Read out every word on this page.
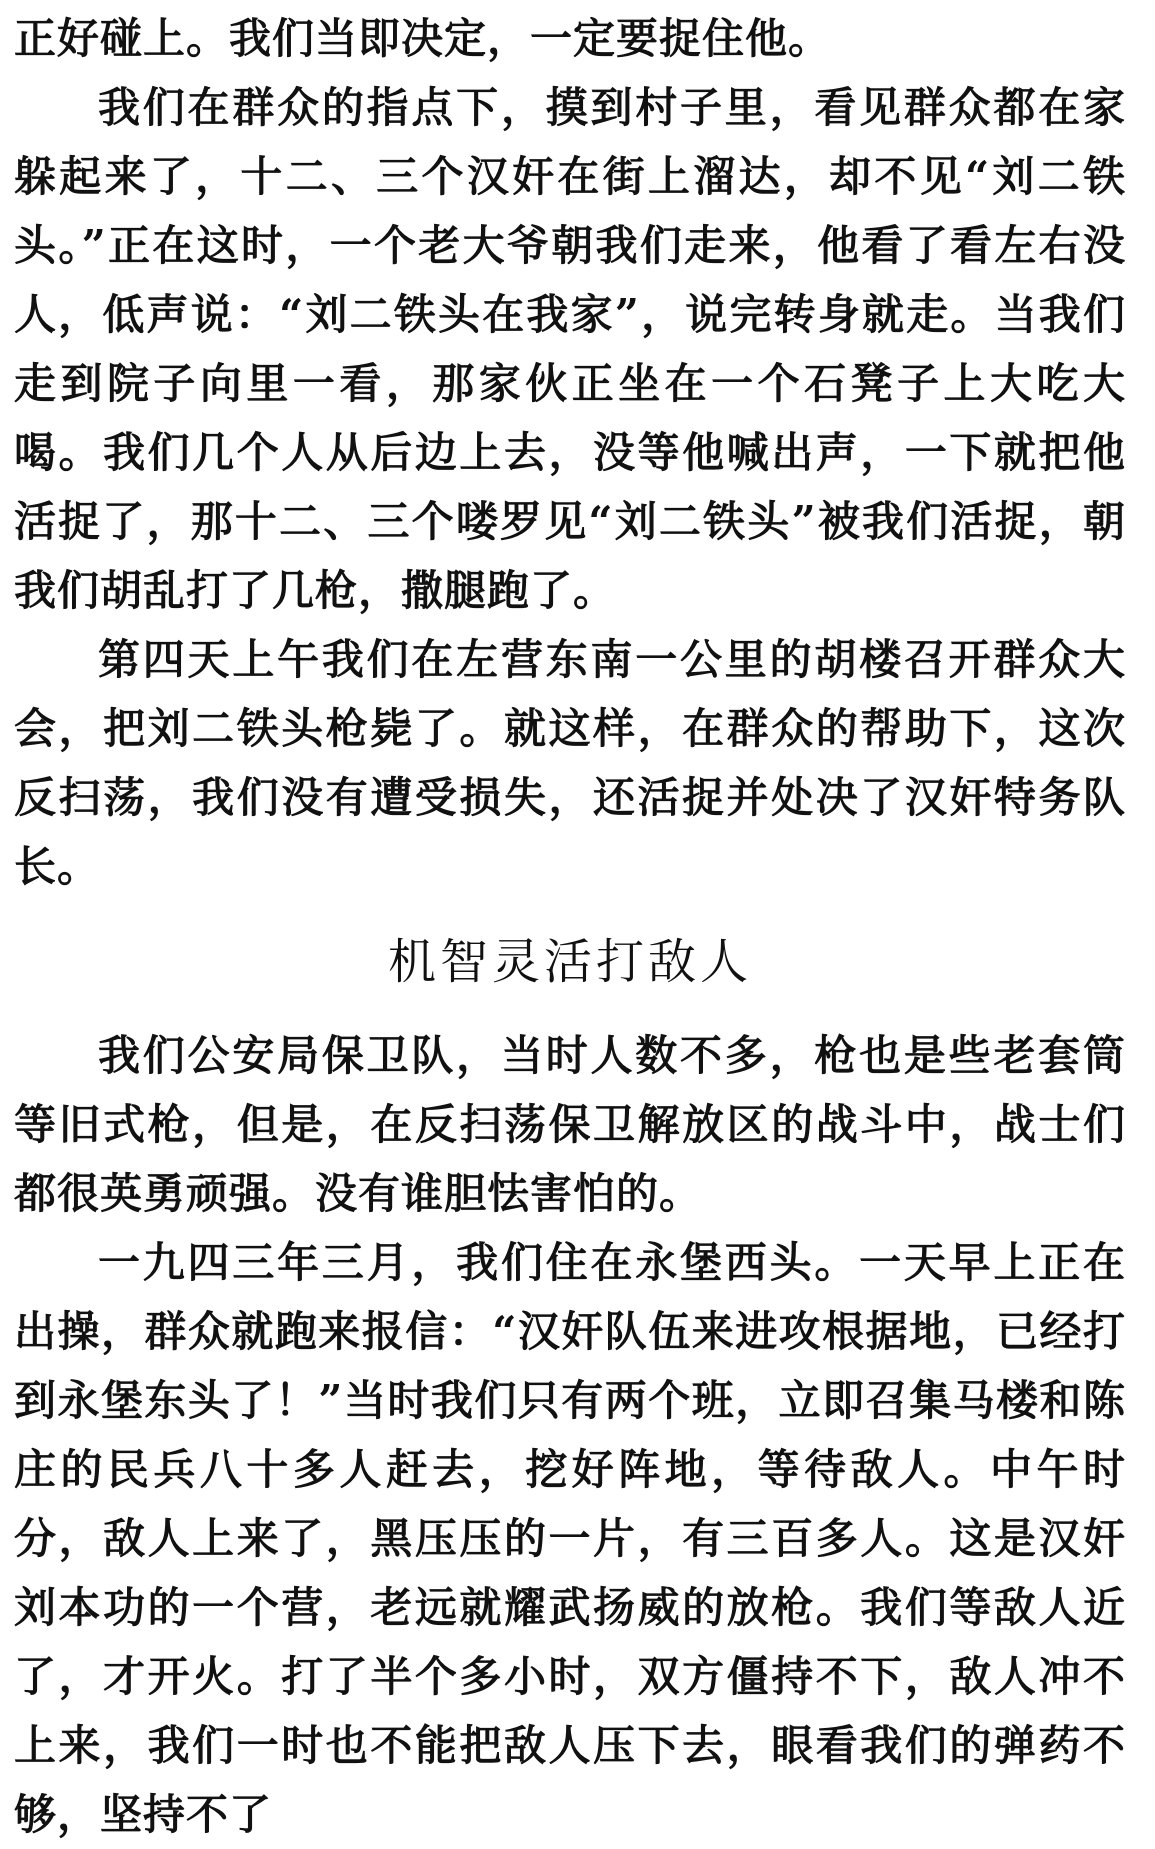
正好碰上。我们当即决定，一定要捉住他。

我们在群众的指点下，摸到村子里，看见群众都在家躲起来了，十二、三个汉奸在街上溜达，却不见“刘二铁头。”正在这时，一个老大爷朝我们走来，他看了看左右没人，低声说：“刘二铁头在我家”，说完转身就走。当我们走到院子向里一看，那家伙正坐在一个石凳子上大吃大喝。我们几个人从后边上去，没等他喊出声，一下就把他活捉了，那十二、三个喽罗见“刘二铁头”被我们活捉，朝我们胡乱打了几枪，撒腿跑了。

第四天上午我们在左营东南一公里的胡楼召开群众大会，把刘二铁头枪毙了。就这样，在群众的帮助下，这次反扫荡，我们没有遭受损失，还活捉并处决了汉奸特务队长。

机智灵活打敌人

我们公安局保卫队，当时人数不多，枪也是些老套筒等旧式枪，但是，在反扫荡保卫解放区的战斗中，战士们都很英勇顽强。没有谁胆怯害怕的。

一九四三年三月，我们住在永堡西头。一天早上正在出操，群众就跑来报信：“汉奸队伍来进攻根据地，已经打到永堡东头了！”当时我们只有两个班，立即召集马楼和陈庄的民兵八十多人赶去，挖好阵地，等待敌人。中午时分，敌人上来了，黑压压的一片，有三百多人。这是汉奸刘本功的一个营，老远就耀武扬威的放枪。我们等敌人近了，才开火。打了半个多小时，双方僵持不下，敌人冲不上来，我们一时也不能把敌人压下去，眼看我们的弹药不够，坚持不了
